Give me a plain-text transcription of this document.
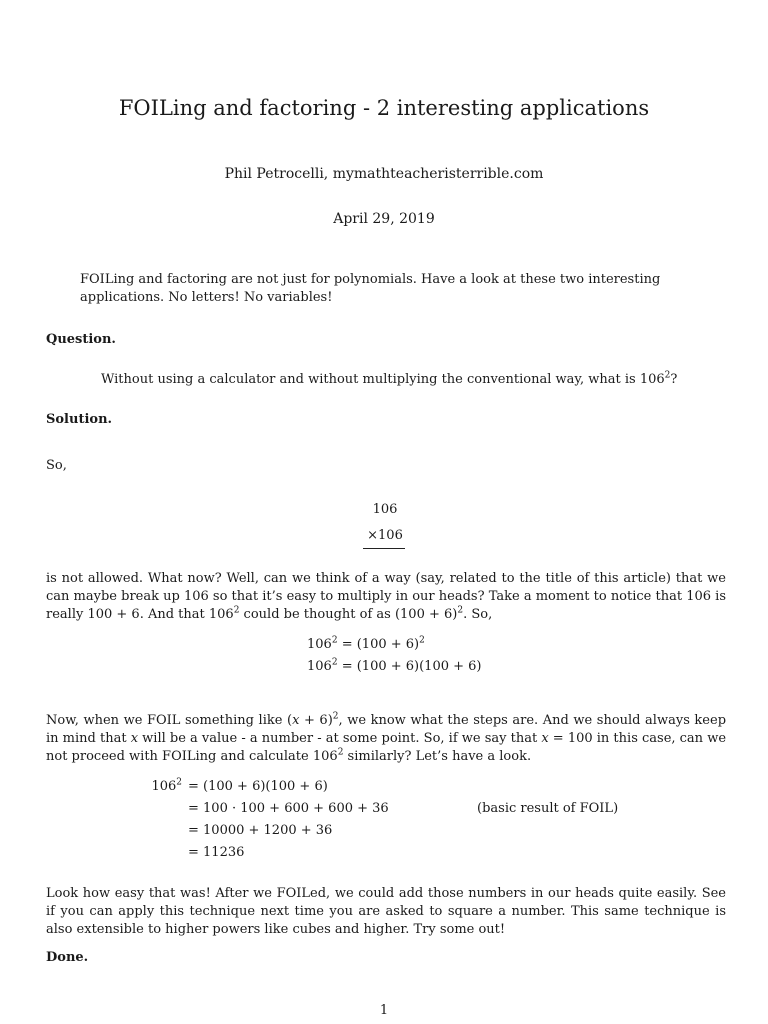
FOILing and factoring - 2 interesting applications
Phil Petrocelli, mymathteacheristerrible.com
April 29, 2019
FOILing and factoring are not just for polynomials. Have a look at these two interesting applications. No letters! No variables!
Question.
Without using a calculator and without multiplying the conventional way, what is $106^2$?
Solution.
So,
106
×106
is not allowed. What now? Well, can we think of a way (say, related to the title of this article) that we can maybe break up 106 so that it’s easy to multiply in our heads? Take a moment to notice that 106 is really 100 + 6. And that $106^2$ could be thought of as $(100 + 6)^2$. So,
$106^2 = (100 + 6)^2$
$106^2 = (100 + 6)(100 + 6)$
Now, when we FOIL something like $(x + 6)^2$, we know what the steps are. And we should always keep in mind that x will be a value - a number - at some point. So, if we say that x = 100 in this case, can we not proceed with FOILing and calculate $106^2$ similarly? Let’s have a look.
$106^2 = (100 + 6)(100 + 6)$
= 100 · 100 + 600 + 600 + 36
= 10000 + 1200 + 36
= 11236
(basic result of FOIL)
Look how easy that was! After we FOILed, we could add those numbers in our heads quite easily. See if you can apply this technique next time you are asked to square a number. This same technique is also extensible to higher powers like cubes and higher. Try some out!
Done.
1
